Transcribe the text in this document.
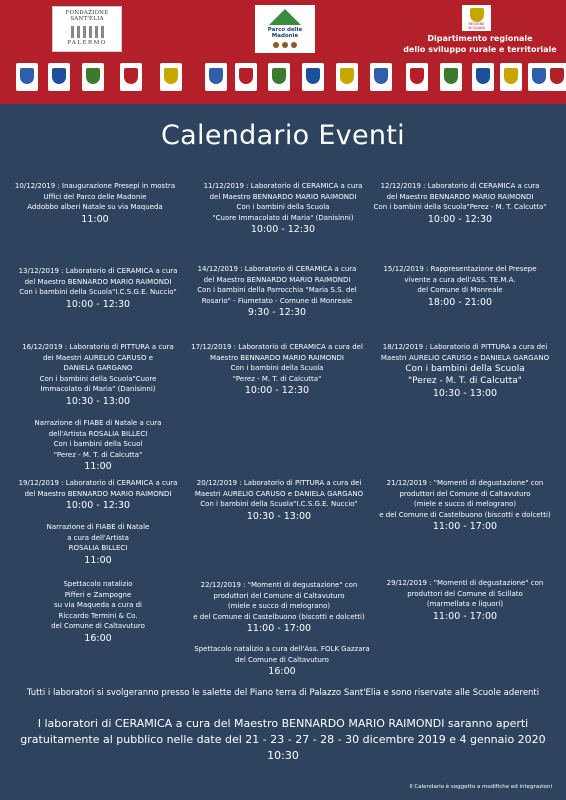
FONDAZIONE SANT'ELIA
PALERMO
Parco delle Madonie
REGIONE SICILIANA
Dipartimento regionale
dello sviluppo rurale e territoriale
Calendario Eventi
10/12/2019 : Inaugurazione Presepi in mostra
Uffici del Parco delle Madonie
Addobbo alberi Natale su via Maqueda
11:00
11/12/2019 : Laboratorio di CERAMICA a cura
del Maestro BENNARDO MARIO RAIMONDI
Con i bambini della Scuola
"Cuore Immacolato di Maria" (Danisinni)
10:00 - 12:30
12/12/2019 : Laboratorio di CERAMICA a cura
del Maestro BENNARDO MARIO RAIMONDI
Con i bambini della Scuola"Perez - M. T. Calcutta"
10:00 - 12:30
13/12/2019 : Laboratorio di CERAMICA a cura
del Maestro BENNARDO MARIO RAIMONDI
Con i bambini della Scuola"I.C.S.G.E. Nuccio"
10:00 - 12:30
14/12/2019 : Laboratorio di CERAMICA a cura
del Maestro BENNARDO MARIO RAIMONDI
Con i bambini della Parrocchia "Maria S.S. del
Rosario" - Fiumetato - Comune di Monreale
9:30 - 12:30
15/12/2019 : Rappresentazione del Presepe
vivente a cura dell'ASS. TE.M.A.
del Comune di Monreale
18:00 - 21:00
16/12/2019 : Laboratorio di PITTURA a cura
dei Maestri AURELIO CARUSO e
DANIELA GARGANO
Con i bambini della Scuola"Cuore
Immacolato di Maria" (Danisinni)
10:30 - 13:00
17/12/2019 : Laboratorio di CERAMICA a cura del
Maestro BENNARDO MARIO RAIMONDI
Con i bambini della Scuola
"Perez - M. T. di Calcutta"
10:00 - 12:30
18/12/2019 : Laboratorio di PITTURA a cura dei
Maestri AURELIO CARUSO e DANIELA GARGANO
Con i bambini della Scuola
"Perez - M. T. di Calcutta"
10:30 - 13:00
Narrazione di FIABE di Natale a cura
dell'Artista ROSALIA BILLECI
Con i bambini della Scuol
"Perez - M. T. di Calcutta"
11:00
19/12/2019 : Laboratorio di CERAMICA a cura
del Maestro BENNARDO MARIO RAIMONDI
10:00 - 12:30
20/12/2019 : Laboratorio di PITTURA a cura dei
Maestri AURELIO CARUSO e DANIELA GARGANO
Con i bambini della Scuola"I.C.S.G.E. Nuccio"
10:30 - 13:00
21/12/2019 : "Momenti di degustazione" con
produttori del Comune di Caltavuturo
(miele e succo di melograno)
e del Comune di Castelbuono (biscotti e dolcetti)
11:00 - 17:00
Narrazione di FIABE di Natale
a cura dell'Artista
ROSALIA BILLECI
11:00
Spettacolo natalizio
Pifferi e Zampogne
su via Maqueda a cura di
Riccardo Termini & Co.
del Comune di Caltavuturo
16:00
22/12/2019 : "Momenti di degustazione" con
produttori del Comune di Caltavuturo
(miele e succo di melograno)
e del Comune di Castelbuono (biscotti e dolcetti)
11:00 - 17:00
29/12/2019 : "Momenti di degustazione" con
produttori del Comune di Scillato
(marmellata e liquori)
11:00 - 17:00
Spettacolo natalizio a cura dell'Ass. FOLK Gazzara
del Comune di Caltavuturo
16:00
Tutti i laboratori si svolgeranno presso le salette del Piano terra di Palazzo Sant'Elia e sono riservate alle Scuole aderenti
I laboratori di CERAMICA a cura del Maestro BENNARDO MARIO RAIMONDI saranno aperti
gratuitamente al pubblico nelle date del 21 - 23 - 27 - 28 - 30 dicembre 2019 e 4 gennaio 2020
10:30
Il Calendario è soggetto a modifiche ed integrazioni
